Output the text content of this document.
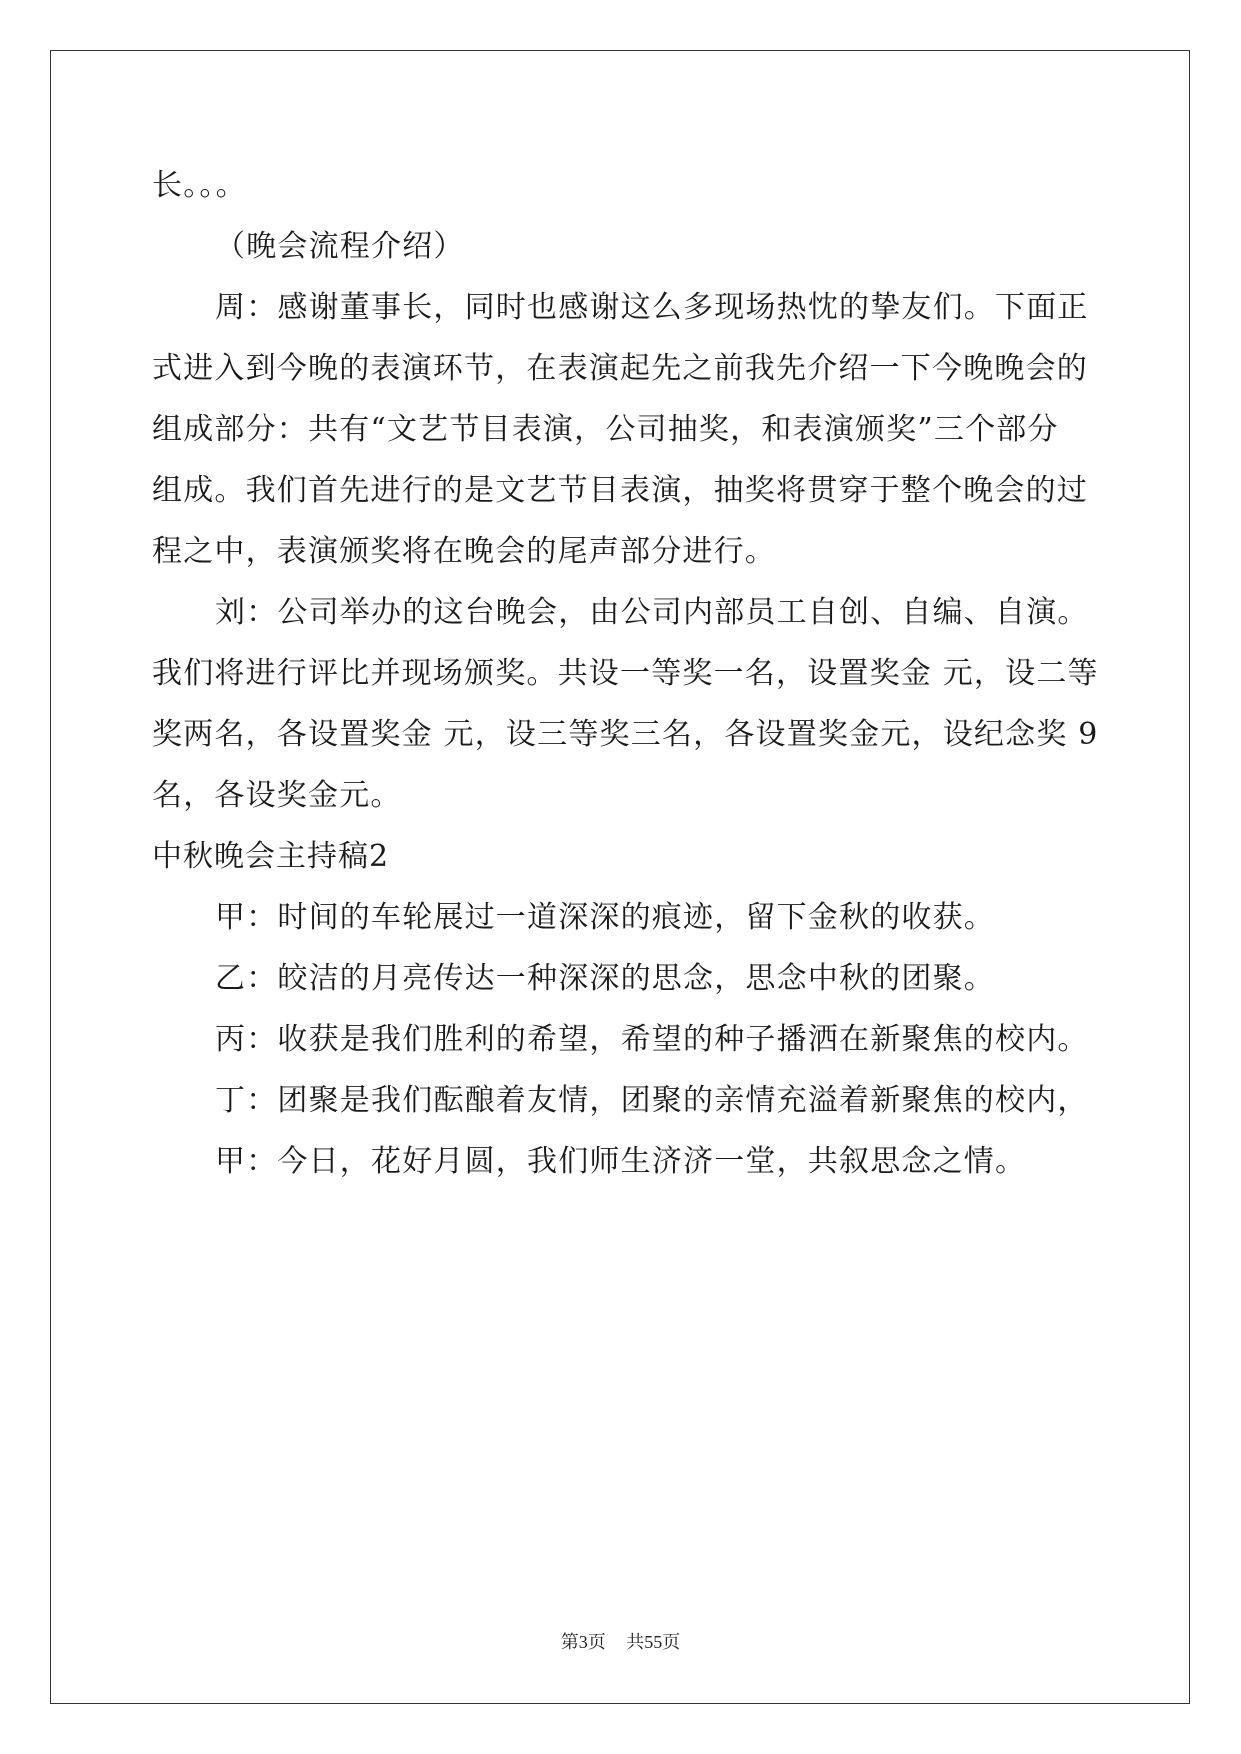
长。。。

（晚会流程介绍）

周：感谢董事长，同时也感谢这么多现场热忱的挚友们。下面正

式进入到今晚的表演环节，在表演起先之前我先介绍一下今晚晚会的

组成部分：共有“文艺节目表演，公司抽奖，和表演颁奖”三个部分

组成。我们首先进行的是文艺节目表演，抽奖将贯穿于整个晚会的过

程之中，表演颁奖将在晚会的尾声部分进行。

刘：公司举办的这台晚会，由公司内部员工自创、自编、自演。

我们将进行评比并现场颁奖。共设一等奖一名，设置奖金 元，设二等

奖两名，各设置奖金 元，设三等奖三名，各设置奖金元，设纪念奖 9

名，各设奖金元。

中秋晚会主持稿2

甲：时间的车轮展过一道深深的痕迹，留下金秋的收获。

乙：皎洁的月亮传达一种深深的思念，思念中秋的团聚。

丙：收获是我们胜利的希望，希望的种子播洒在新聚焦的校内。

丁：团聚是我们酝酿着友情，团聚的亲情充溢着新聚焦的校内，

甲：今日，花好月圆，我们师生济济一堂，共叙思念之情。

第3页 共55页
